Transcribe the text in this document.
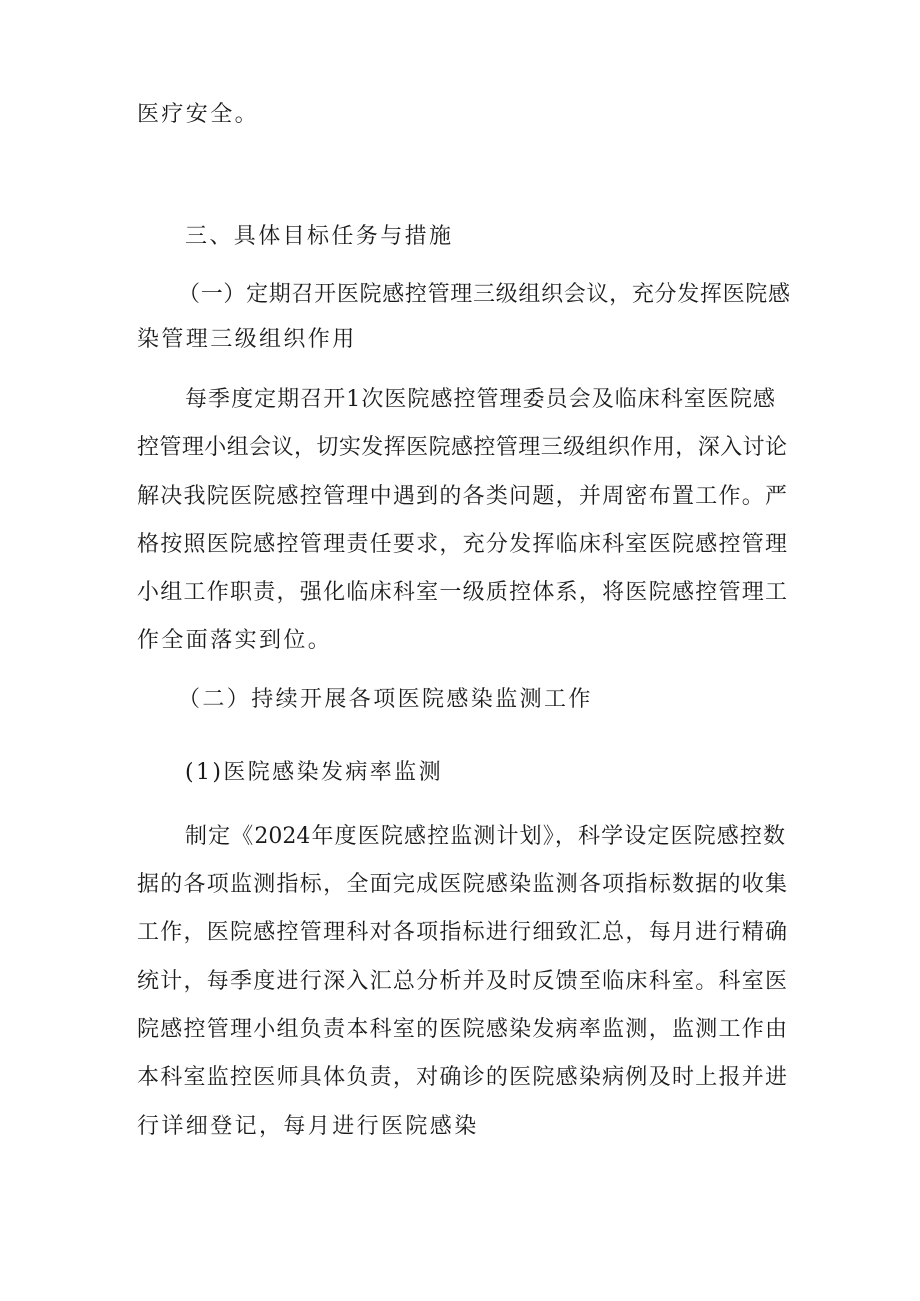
医疗安全。
三、具体目标任务与措施
（一）定期召开医院感控管理三级组织会议，充分发挥医院感
染管理三级组织作用
每季度定期召开1次医院感控管理委员会及临床科室医院感
控管理小组会议，切实发挥医院感控管理三级组织作用，深入讨论
解决我院医院感控管理中遇到的各类问题，并周密布置工作。严
格按照医院感控管理责任要求，充分发挥临床科室医院感控管理
小组工作职责，强化临床科室一级质控体系，将医院感控管理工
作全面落实到位。
（二）持续开展各项医院感染监测工作
(1)医院感染发病率监测
制定《2024年度医院感控监测计划》，科学设定医院感控数
据的各项监测指标，全面完成医院感染监测各项指标数据的收集
工作，医院感控管理科对各项指标进行细致汇总，每月进行精确
统计，每季度进行深入汇总分析并及时反馈至临床科室。科室医
院感控管理小组负责本科室的医院感染发病率监测，监测工作由
本科室监控医师具体负责，对确诊的医院感染病例及时上报并进
行详细登记，每月进行医院感染
